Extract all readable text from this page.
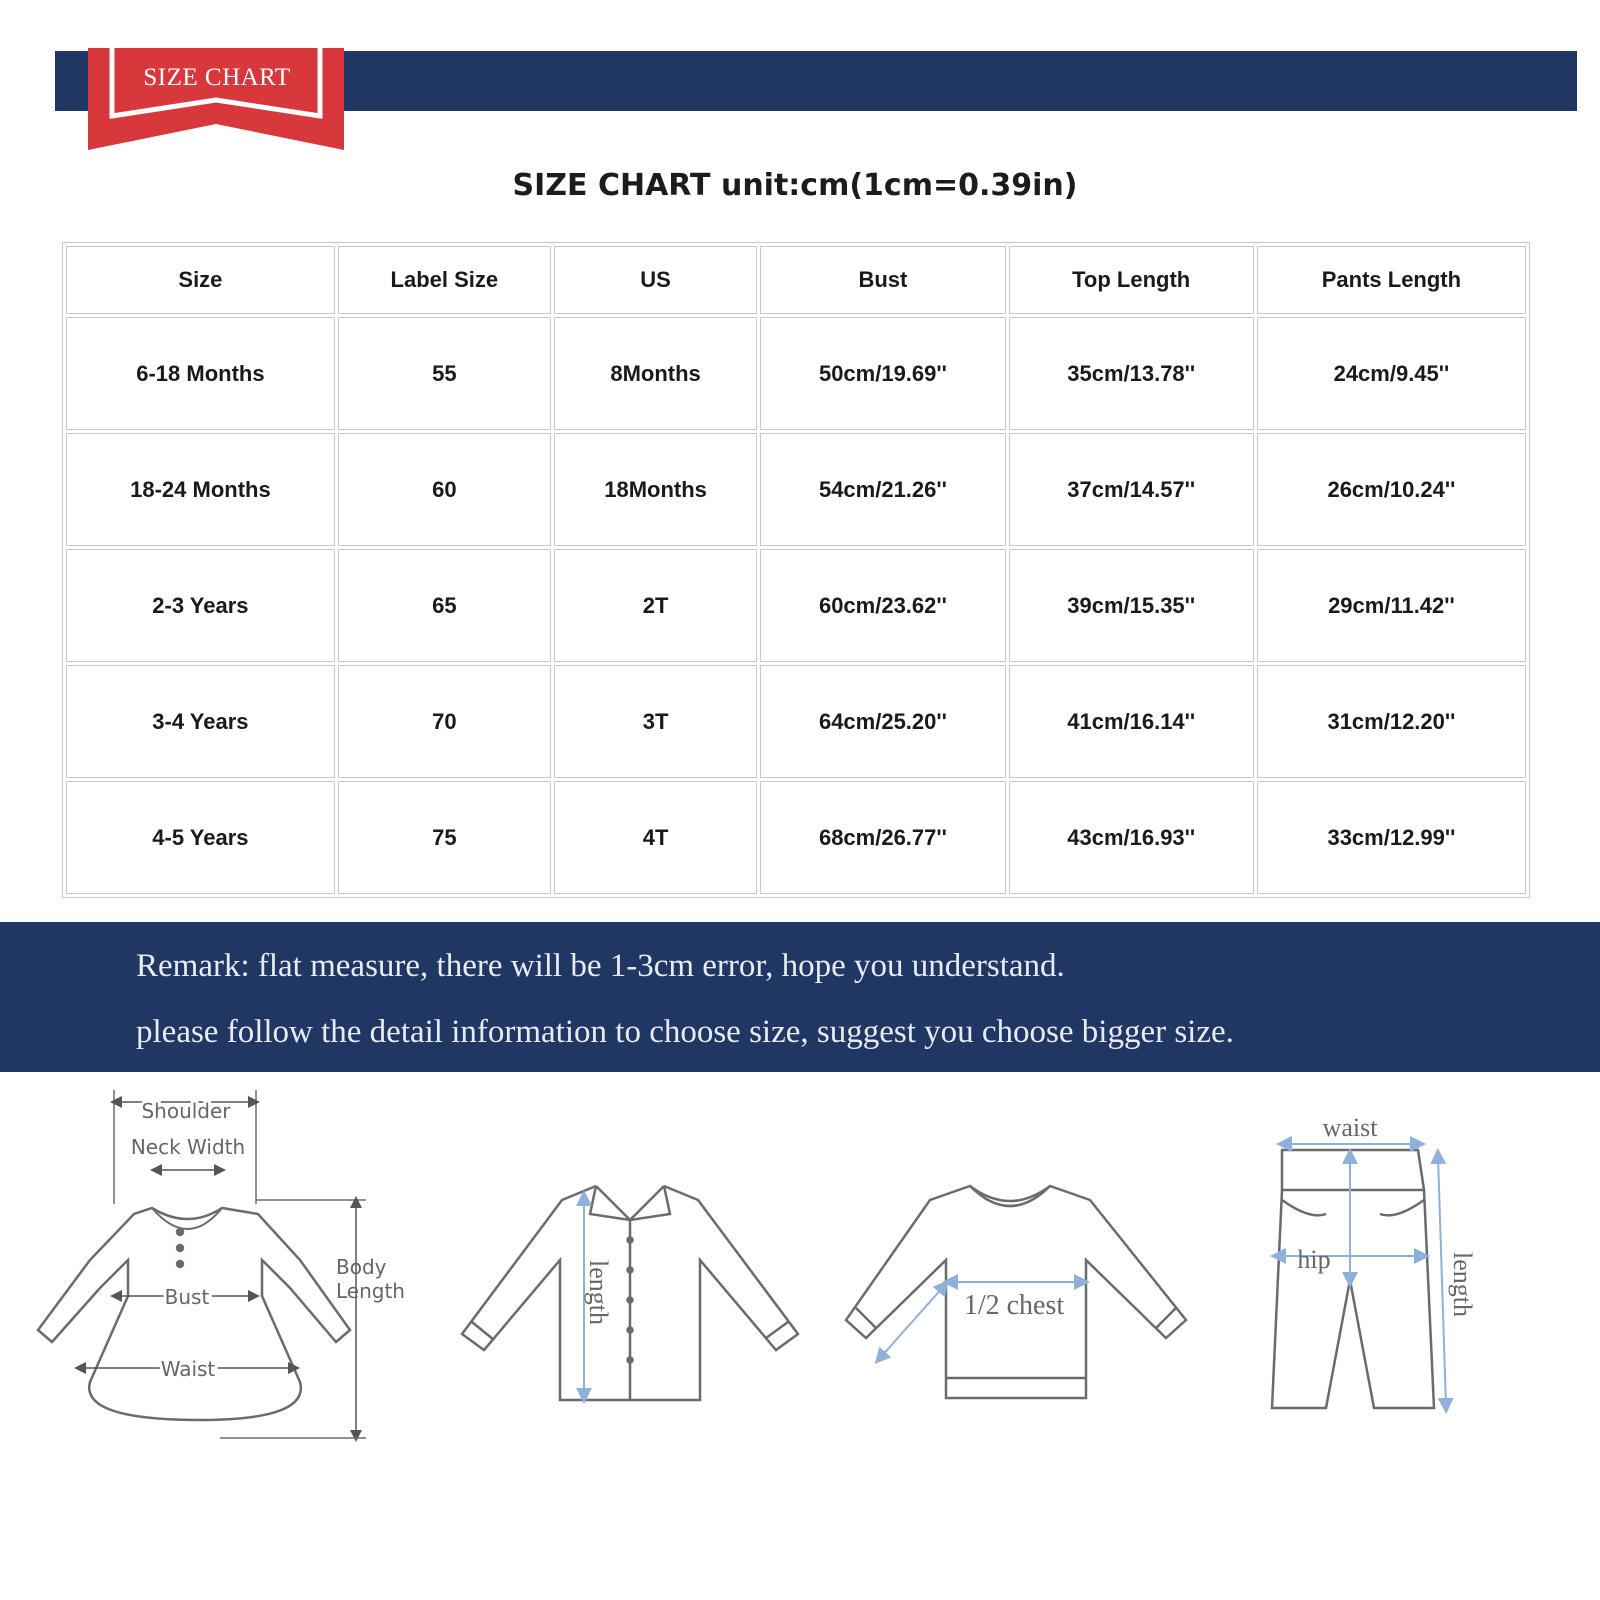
SIZE CHART
SIZE CHART unit:cm(1cm=0.39in)
Size	Label Size	US	Bust	Top Length	Pants Length
6-18 Months	55	8Months	50cm/19.69''	35cm/13.78''	24cm/9.45''
18-24 Months	60	18Months	54cm/21.26''	37cm/14.57''	26cm/10.24''
2-3 Years	65	2T	60cm/23.62''	39cm/15.35''	29cm/11.42''
3-4 Years	70	3T	64cm/25.20''	41cm/16.14''	31cm/12.20''
4-5 Years	75	4T	68cm/26.77''	43cm/16.93''	33cm/12.99''
Remark: flat measure, there will be 1-3cm error, hope you understand.
please follow the detail information to choose size, suggest you choose bigger size.
Shoulder
Neck Width
Bust
Waist
Body
Length	length	1/2 chest
waist
hip	length
